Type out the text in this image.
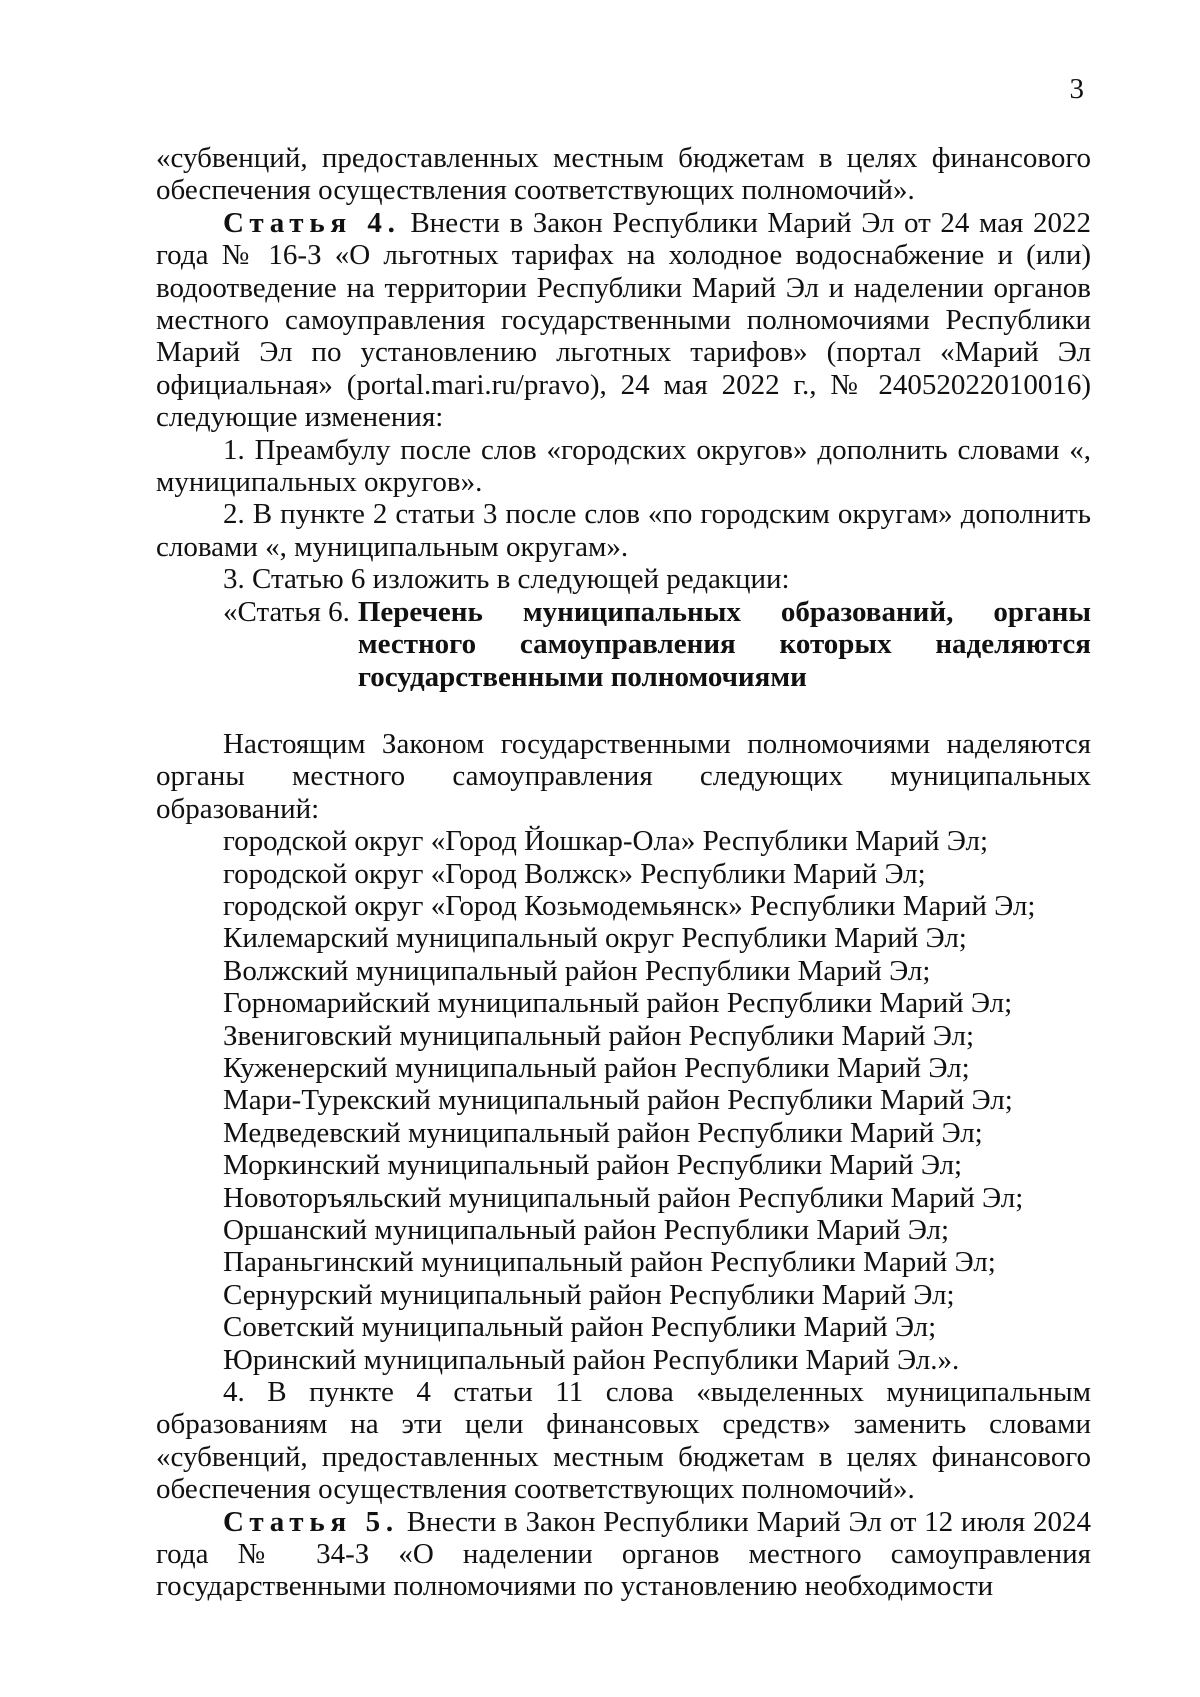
3

«субвенций, предоставленных местным бюджетам в целях финансового обеспечения осуществления соответствующих полномочий».

Статья 4. Внести в Закон Республики Марий Эл от 24 мая 2022 года № 16-З «О льготных тарифах на холодное водоснабжение и (или) водоотведение на территории Республики Марий Эл и наделении органов местного самоуправления государственными полномочиями Республики Марий Эл по установлению льготных тарифов» (портал «Марий Эл официальная» (portal.mari.ru/pravo), 24 мая 2022 г., № 24052022010016) следующие изменения:

1. Преамбулу после слов «городских округов» дополнить словами «, муниципальных округов».

2. В пункте 2 статьи 3 после слов «по городским округам» дополнить словами «, муниципальным округам».

3. Статью 6 изложить в следующей редакции:

«Статья 6. Перечень муниципальных образований, органы местного самоуправления которых наделяются государственными полномочиями

Настоящим Законом государственными полномочиями наделяются органы местного самоуправления следующих муниципальных образований:

городской округ «Город Йошкар-Ола» Республики Марий Эл;
городской округ «Город Волжск» Республики Марий Эл;
городской округ «Город Козьмодемьянск» Республики Марий Эл;
Килемарский муниципальный округ Республики Марий Эл;
Волжский муниципальный район Республики Марий Эл;
Горномарийский муниципальный район Республики Марий Эл;
Звениговский муниципальный район Республики Марий Эл;
Куженерский муниципальный район Республики Марий Эл;
Мари-Турекский муниципальный район Республики Марий Эл;
Медведевский муниципальный район Республики Марий Эл;
Моркинский муниципальный район Республики Марий Эл;
Новоторъяльский муниципальный район Республики Марий Эл;
Оршанский муниципальный район Республики Марий Эл;
Параньгинский муниципальный район Республики Марий Эл;
Сернурский муниципальный район Республики Марий Эл;
Советский муниципальный район Республики Марий Эл;
Юринский муниципальный район Республики Марий Эл.».

4. В пункте 4 статьи 11 слова «выделенных муниципальным образованиям на эти цели финансовых средств» заменить словами «субвенций, предоставленных местным бюджетам в целях финансового обеспечения осуществления соответствующих полномочий».

Статья 5. Внести в Закон Республики Марий Эл от 12 июля 2024 года № 34-З «О наделении органов местного самоуправления государственными полномочиями по установлению необходимости
